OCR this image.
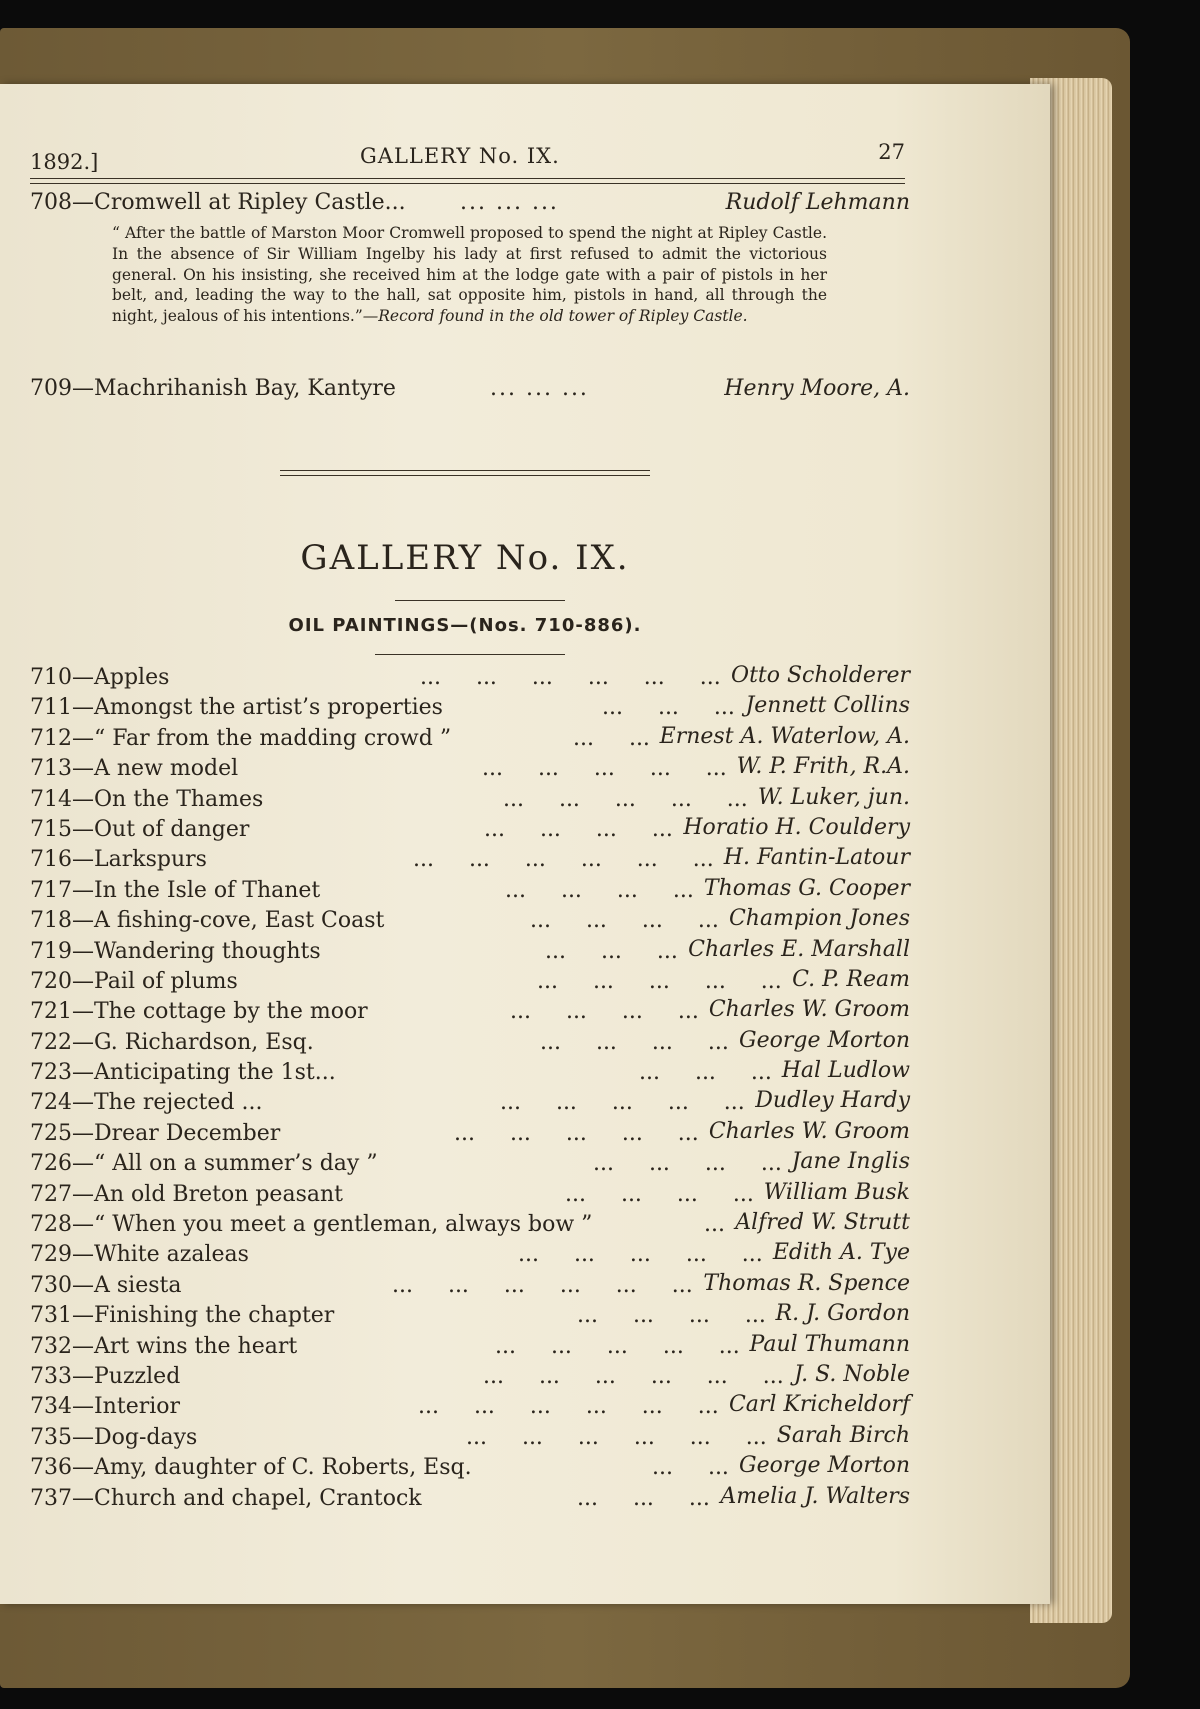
1892.]	GALLERY No. IX.	27
708—Cromwell at Ripley Castle... ... ... ...	Rudolf Lehmann
“ After the battle of Marston Moor Cromwell proposed to spend the night at Ripley Castle. In the absence of Sir William Ingelby his lady at first refused to admit the victorious general. On his insisting, she received him at the lodge gate with a pair of pistols in her belt, and, leading the way to the hall, sat opposite him, pistols in hand, all through the night, jealous of his intentions.”—Record found in the old tower of Ripley Castle.
709—Machrihanish Bay, Kantyre	... ... ...	Henry Moore, A.
GALLERY No. IX.
OIL PAINTINGS—(Nos. 710-886).
710—Apples	...     ...     ...     ...     ...     ... Otto Scholderer
711—Amongst the artist’s properties	...     ...     ... Jennett Collins
712—“ Far from the madding crowd ”	...     ... Ernest A. Waterlow, A.
713—A new model	...     ...     ...     ...     ... W. P. Frith, R.A.
714—On the Thames	...     ...     ...     ...     ... W. Luker, jun.
715—Out of danger	...     ...     ...     ... Horatio H. Couldery
716—Larkspurs	...     ...     ...     ...     ...     ... H. Fantin-Latour
717—In the Isle of Thanet	...     ...     ...     ... Thomas G. Cooper
718—A fishing-cove, East Coast	...     ...     ...     ... Champion Jones
719—Wandering thoughts	...     ...     ... Charles E. Marshall
720—Pail of plums	...     ...     ...     ...     ... C. P. Ream
721—The cottage by the moor	...     ...     ...     ... Charles W. Groom
722—G. Richardson, Esq.	...     ...     ...     ... George Morton
723—Anticipating the 1st...	...     ...     ... Hal Ludlow
724—The rejected ...	...     ...     ...     ...     ... Dudley Hardy
725—Drear December	...     ...     ...     ...     ... Charles W. Groom
726—“ All on a summer’s day ”	...     ...     ...     ... Jane Inglis
727—An old Breton peasant	...     ...     ...     ... William Busk
728—“ When you meet a gentleman, always bow ”	... Alfred W. Strutt
729—White azaleas	...     ...     ...     ...     ... Edith A. Tye
730—A siesta	...     ...     ...     ...     ...     ... Thomas R. Spence
731—Finishing the chapter	...     ...     ...     ... R. J. Gordon
732—Art wins the heart	...     ...     ...     ...     ... Paul Thumann
733—Puzzled	...     ...     ...     ...     ...     ... J. S. Noble
734—Interior	...     ...     ...     ...     ...     ... Carl Kricheldorf
735—Dog-days	...     ...     ...     ...     ...     ... Sarah Birch
736—Amy, daughter of C. Roberts, Esq.	...     ... George Morton
737—Church and chapel, Crantock	...     ...     ... Amelia J. Walters
